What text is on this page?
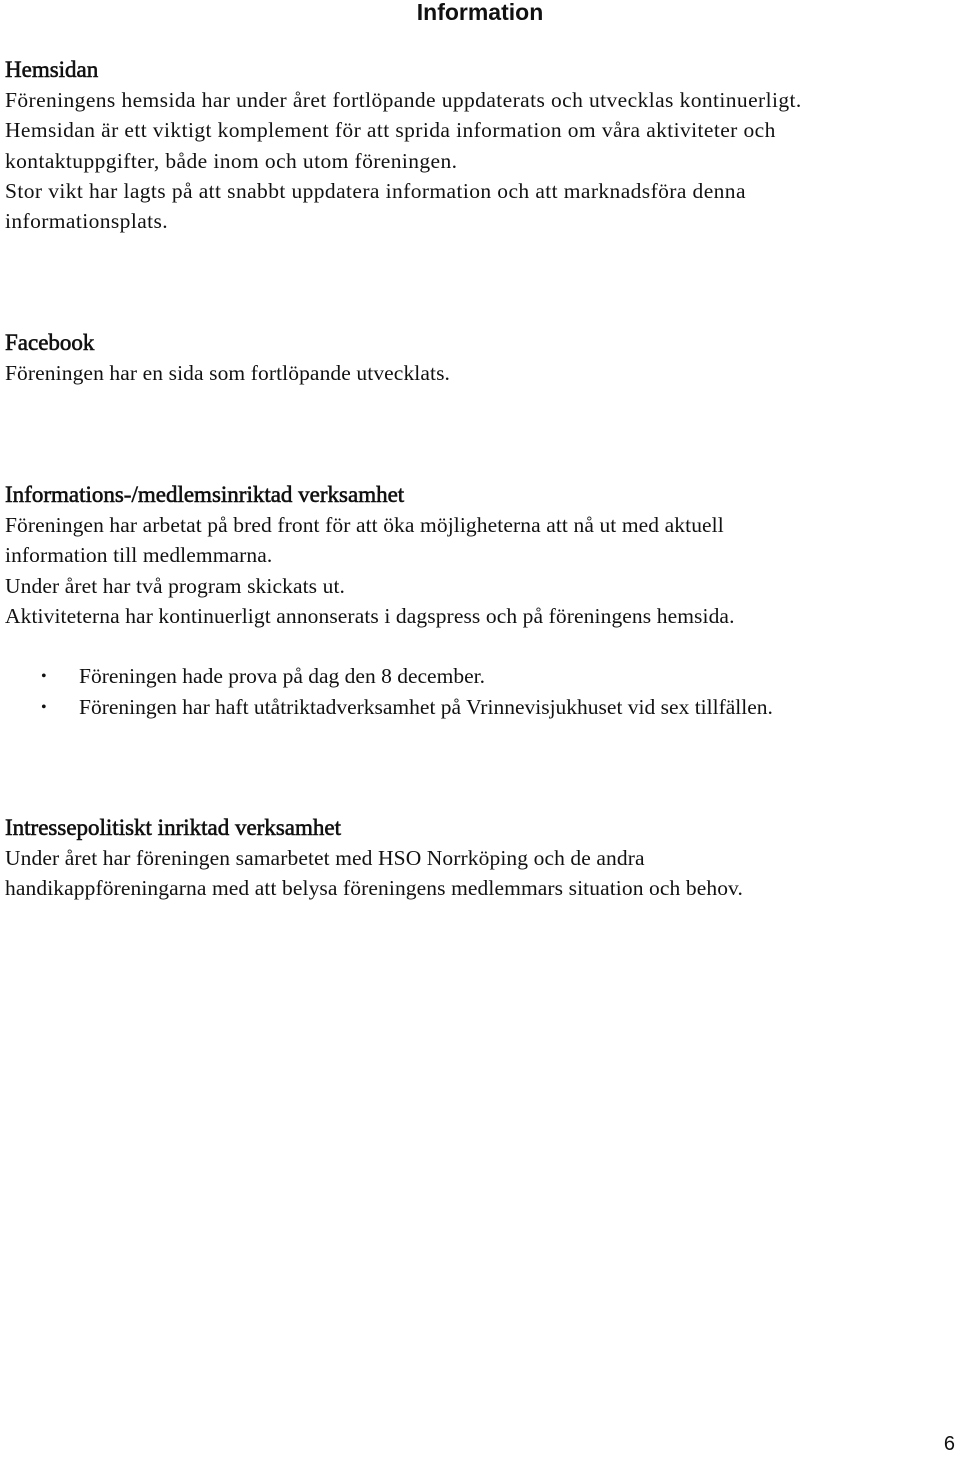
Information
Hemsidan

Föreningens hemsida har under året fortlöpande uppdaterats och utvecklas kontinuerligt.

Hemsidan är ett viktigt komplement för att sprida information om våra aktiviteter och

kontaktuppgifter, både inom och utom föreningen.

Stor vikt har lagts på att snabbt uppdatera information och att marknadsföra denna

informationsplats.

Facebook

Föreningen har en sida som fortlöpande utvecklats.

Informations-/medlemsinriktad verksamhet

Föreningen har arbetat på bred front för att öka möjligheterna att nå ut med aktuell

information till medlemmarna.

Under året har två program skickats ut.

Aktiviteterna har kontinuerligt annonserats i dagspress och på föreningens hemsida.

• Föreningen hade prova på dag den 8 december.
• Föreningen har haft utåtriktadverksamhet på Vrinnevisjukhuset vid sex tillfällen.
Intressepolitiskt inriktad verksamhet

Under året har föreningen samarbetet med HSO Norrköping och de andra

handikappföreningarna med att belysa föreningens medlemmars situation och behov.

6
